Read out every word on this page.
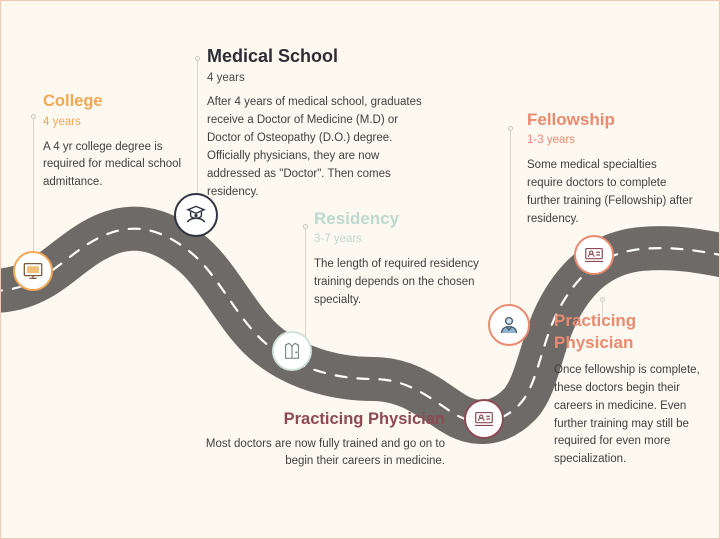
College
4 years
A 4 yr college degree is required for medical school admittance.
Medical School
4 years
After 4 years of medical school, graduates receive a Doctor of Medicine (M.D) or Doctor of Osteopathy (D.O.) degree. Officially physicians, they are now addressed as "Doctor". Then comes residency.
Residency
3-7 years
The length of required residency training depends on the chosen specialty.
Practicing Physician
Most doctors are now fully trained and go on to begin their careers in medicine.
Fellowship
1-3 years
Some medical specialties require doctors to complete further training (Fellowship) after residency.
Practicing Physician
Once fellowship is complete, these doctors begin their careers in medicine. Even further training may still be required for even more specialization.
